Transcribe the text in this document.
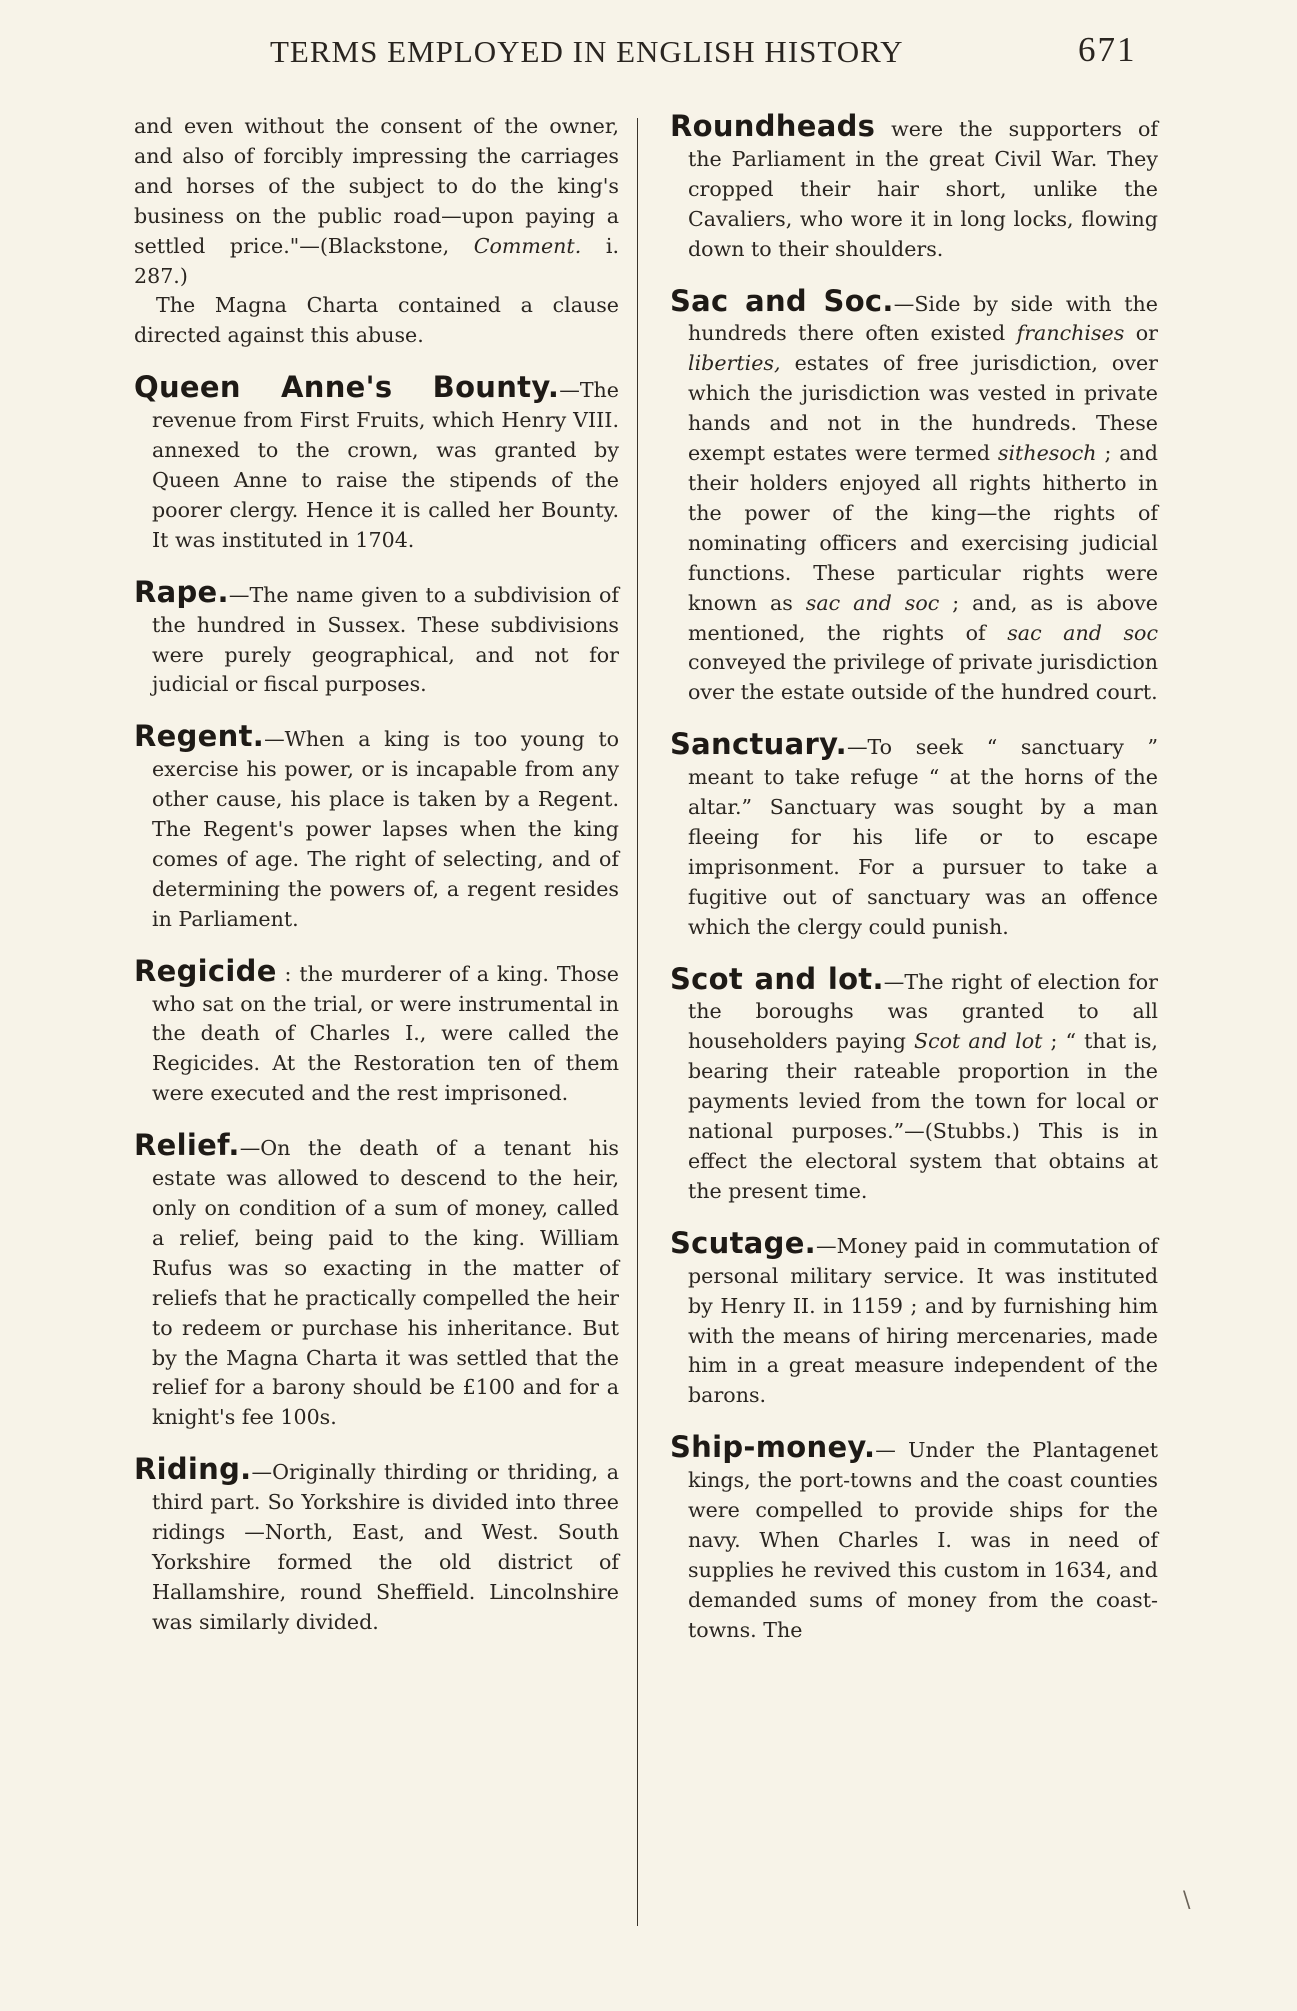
TERMS EMPLOYED IN ENGLISH HISTORY	671

and even without the consent of the owner, and also of forcibly impressing the carriages and horses of the subject to do the king's business on the public road—upon paying a settled price."—(Blackstone, Comment. i. 287.)

The Magna Charta contained a clause directed against this abuse.

Queen Anne's Bounty.—The revenue from First Fruits, which Henry VIII. annexed to the crown, was granted by Queen Anne to raise the stipends of the poorer clergy. Hence it is called her Bounty. It was instituted in 1704.
Rape.—The name given to a subdivision of the hundred in Sussex. These subdivisions were purely geographical, and not for judicial or fiscal purposes.
Regent.—When a king is too young to exercise his power, or is incapable from any other cause, his place is taken by a Regent. The Regent's power lapses when the king comes of age. The right of selecting, and of determining the powers of, a regent resides in Parliament.
Regicide : the murderer of a king. Those who sat on the trial, or were instrumental in the death of Charles I., were called the Regicides. At the Restoration ten of them were executed and the rest imprisoned.
Relief.—On the death of a tenant his estate was allowed to descend to the heir, only on condition of a sum of money, called a relief, being paid to the king. William Rufus was so exacting in the matter of reliefs that he practically compelled the heir to redeem or purchase his inheritance. But by the Magna Charta it was settled that the relief for a barony should be £100 and for a knight's fee 100s.
Riding.—Originally thirding or thriding, a third part. So Yorkshire is divided into three ridings —North, East, and West. South Yorkshire formed the old district of Hallamshire, round Sheffield. Lincolnshire was similarly divided.
Roundheads were the supporters of the Parliament in the great Civil War. They cropped their hair short, unlike the Cavaliers, who wore it in long locks, flowing down to their shoulders.
Sac and Soc.—Side by side with the hundreds there often existed franchises or liberties, estates of free jurisdiction, over which the jurisdiction was vested in private hands and not in the hundreds. These exempt estates were termed sithesoch ; and their holders enjoyed all rights hitherto in the power of the king—the rights of nominating officers and exercising judicial functions. These particular rights were known as sac and soc ; and, as is above mentioned, the rights of sac and soc conveyed the privilege of private jurisdiction over the estate outside of the hundred court.
Sanctuary.—To seek “ sanctuary ” meant to take refuge “ at the horns of the altar.” Sanctuary was sought by a man fleeing for his life or to escape imprisonment. For a pursuer to take a fugitive out of sanctuary was an offence which the clergy could punish.
Scot and lot.—The right of election for the boroughs was granted to all householders paying Scot and lot ; “ that is, bearing their rateable proportion in the payments levied from the town for local or national purposes.”—(Stubbs.) This is in effect the electoral system that obtains at the present time.
Scutage.—Money paid in commutation of personal military service. It was instituted by Henry II. in 1159 ; and by furnishing him with the means of hiring mercenaries, made him in a great measure independent of the barons.
Ship-money.— Under the Plantagenet kings, the port-towns and the coast counties were compelled to provide ships for the navy. When Charles I. was in need of supplies he revived this custom in 1634, and demanded sums of money from the coast-towns. The
\
